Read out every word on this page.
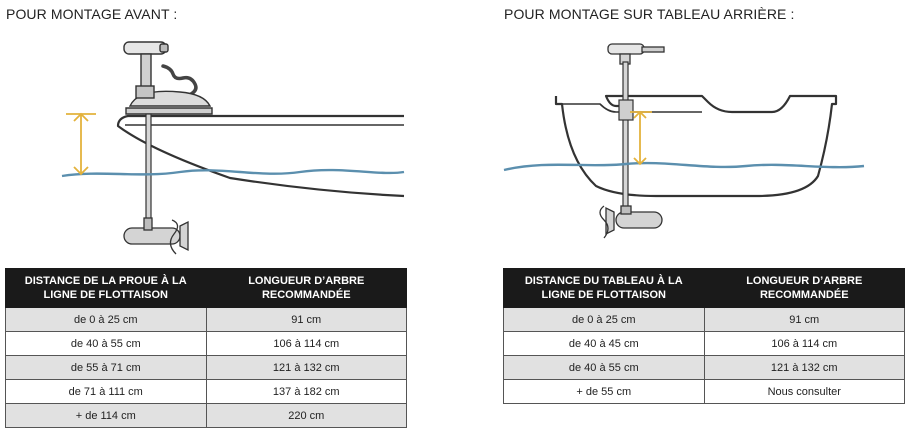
POUR MONTAGE AVANT :	POUR MONTAGE SUR TABLEAU ARRIÈRE :
DISTANCE DE LA PROUE À LA LIGNE DE FLOTTAISON	LONGUEUR D’ARBRE RECOMMANDÉE
de 0 à 25 cm	91 cm
de 40 à 55 cm	106 à 114 cm
de 55 à 71 cm	121 à 132 cm
de 71 à 111 cm	137 à 182 cm
+ de 114 cm	220 cm
DISTANCE DU TABLEAU À LA LIGNE DE FLOTTAISON	LONGUEUR D’ARBRE RECOMMANDÉE
de 0 à 25 cm	91 cm
de 40 à 45 cm	106 à 114 cm
de 40 à 55 cm	121 à 132 cm
+ de 55 cm	Nous consulter
